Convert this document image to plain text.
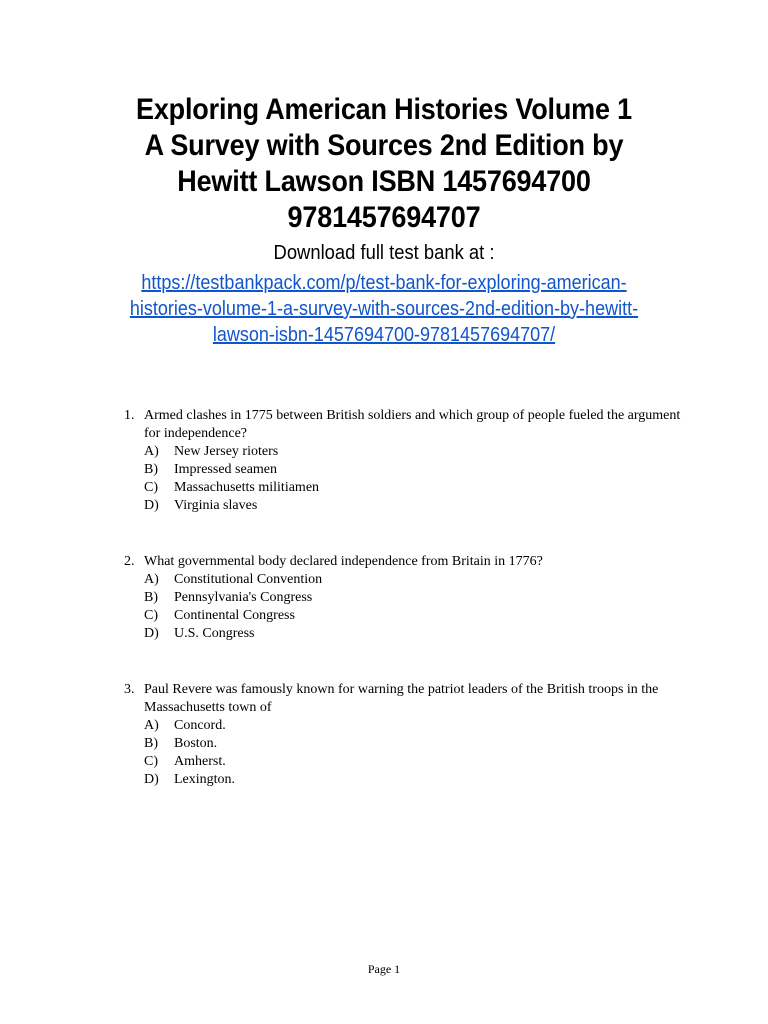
Exploring American Histories Volume 1
A Survey with Sources 2nd Edition by
Hewitt Lawson ISBN 1457694700
9781457694707
Download full test bank at :
https://testbankpack.com/p/test-bank-for-exploring-american-
histories-volume-1-a-survey-with-sources-2nd-edition-by-hewitt-
lawson-isbn-1457694700-9781457694707/
1. Armed clashes in 1775 between British soldiers and which group of people fueled the argument for independence?
A) New Jersey rioters
B) Impressed seamen
C) Massachusetts militiamen
D) Virginia slaves
2. What governmental body declared independence from Britain in 1776?
A) Constitutional Convention
B) Pennsylvania's Congress
C) Continental Congress
D) U.S. Congress
3. Paul Revere was famously known for warning the patriot leaders of the British troops in the Massachusetts town of
A) Concord.
B) Boston.
C) Amherst.
D) Lexington.
Page 1
